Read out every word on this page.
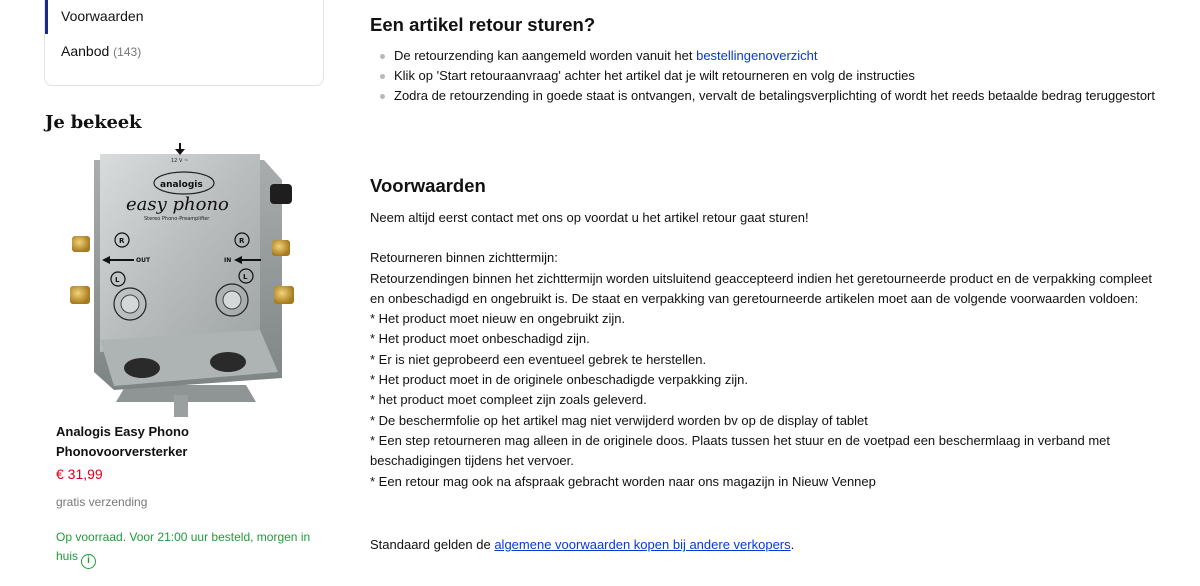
Voorwaarden
Aanbod (143)
Je bekeek
12 V ~
analogis
easy phono
Stereo Phono-Preamplifier
R	R
L	L
OUT	IN
Analogis Easy Phono Phonovoorversterker
€ 31,99
gratis verzending
Op voorraad. Voor 21:00 uur besteld, morgen in huis i
Een artikel retour sturen?
De retourzending kan aangemeld worden vanuit het bestellingenoverzicht
Klik op 'Start retouraanvraag' achter het artikel dat je wilt retourneren en volg de instructies
Zodra de retourzending in goede staat is ontvangen, vervalt de betalingsverplichting of wordt het reeds betaalde bedrag teruggestort
Voorwaarden

Neem altijd eerst contact met ons op voordat u het artikel retour gaat sturen!

Retourneren binnen zichttermijn:

Retourzendingen binnen het zichttermijn worden uitsluitend geaccepteerd indien het geretourneerde product en de verpakking compleet en onbeschadigd en ongebruikt is. De staat en verpakking van geretourneerde artikelen moet aan de volgende voorwaarden voldoen:

* Het product moet nieuw en ongebruikt zijn.

* Het product moet onbeschadigd zijn.

* Er is niet geprobeerd een eventueel gebrek te herstellen.

* Het product moet in de originele onbeschadigde verpakking zijn.

* het product moet compleet zijn zoals geleverd.

* De beschermfolie op het artikel mag niet verwijderd worden bv op de display of tablet

* Een step retourneren mag alleen in de originele doos. Plaats tussen het stuur en de voetpad een beschermlaag in verband met beschadigingen tijdens het vervoer.

* Een retour mag ook na afspraak gebracht worden naar ons magazijn in Nieuw Vennep

Standaard gelden de algemene voorwaarden kopen bij andere verkopers.
